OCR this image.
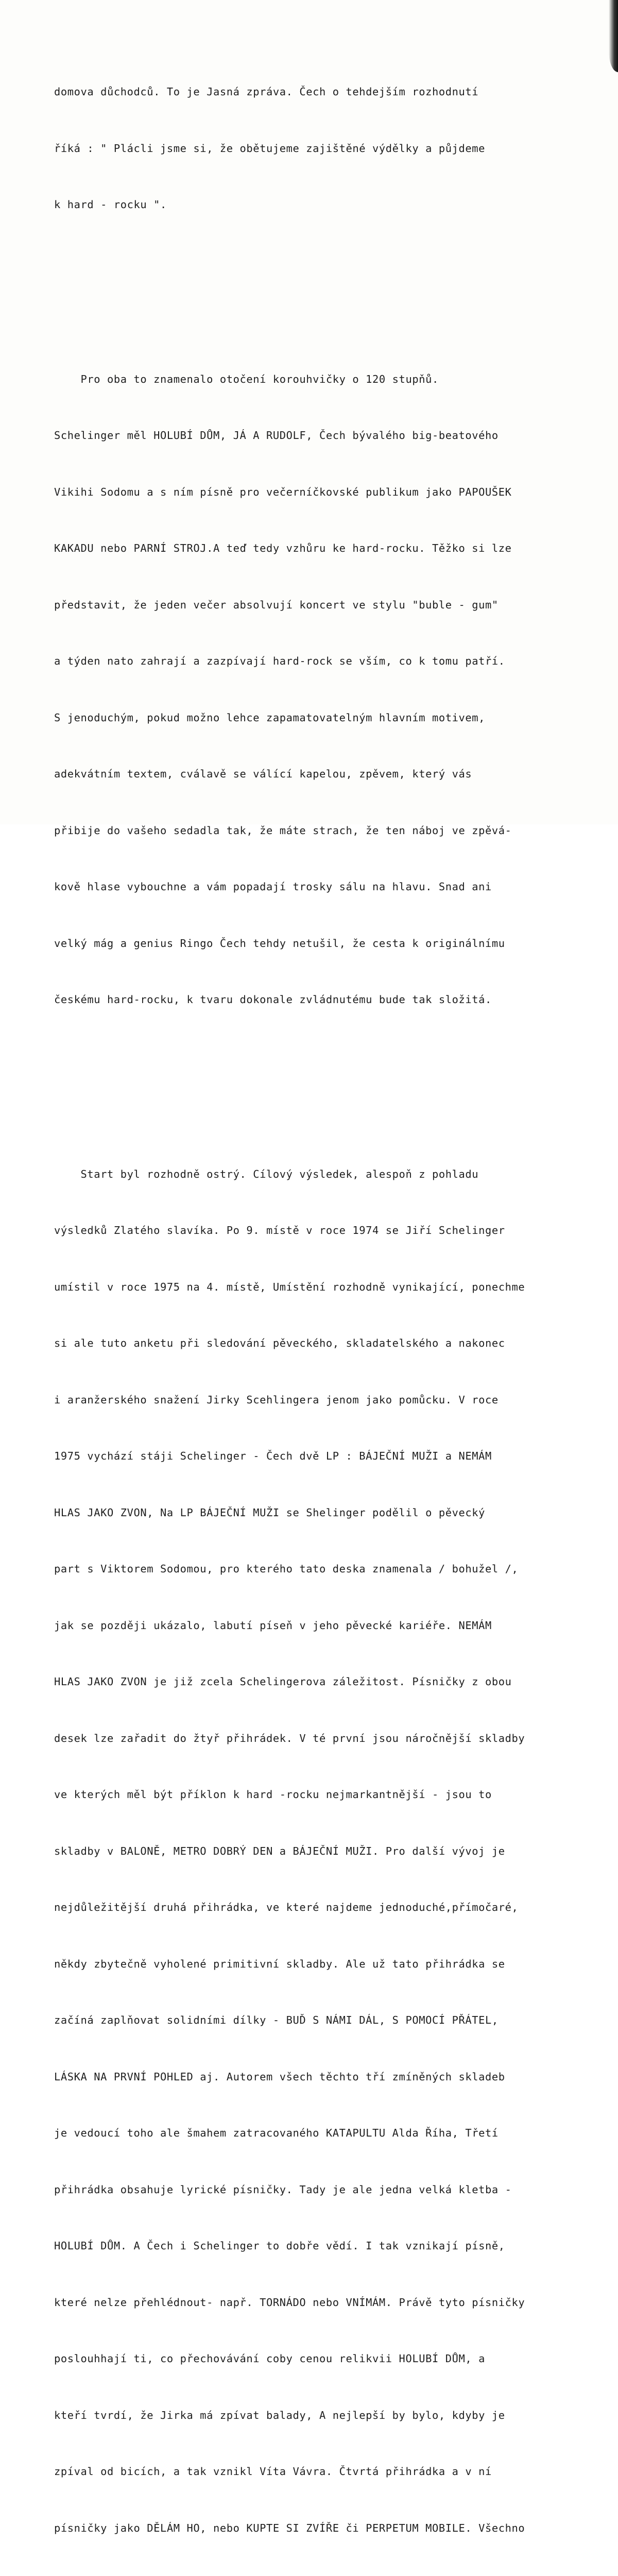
domova důchodců. To je Jasná zpráva. Čech o tehdejším rozhodnutí

říká : " Plácli jsme si, že obětujeme zajištěné výdělky a půjdeme

k hard - rocku ".

Pro oba to znamenalo otočení korouhvičky o 120 stupňů.

Schelinger měl HOLUBÍ DŮM, JÁ A RUDOLF, Čech bývalého big-beatového

Vikihi Sodomu a s ním písně pro večerníčkovské publikum jako PAPOUŠEK

KAKADU nebo PARNÍ STROJ.A teď tedy vzhůru ke hard-rocku. Těžko si lze

představit, že jeden večer absolvují koncert ve stylu "buble - gum"

a týden nato zahrají a zazpívají hard-rock se vším, co k tomu patří.

S jenoduchým, pokud možno lehce zapamatovatelným hlavním motivem,

adekvátním textem, cválavě se válící kapelou, zpěvem, který vás

přibije do vašeho sedadla tak, že máte strach, že ten náboj ve zpěvá-

kově hlase vybouchne a vám popadají trosky sálu na hlavu. Snad ani

velký mág a genius Ringo Čech tehdy netušil, že cesta k originálnímu

českému hard-rocku, k tvaru dokonale zvládnutému bude tak složitá.

Start byl rozhodně ostrý. Cílový výsledek, alespoň z pohladu

výsledků Zlatého slavíka. Po 9. místě v roce 1974 se Jiří Schelinger

umístil v roce 1975 na 4. místě, Umístění rozhodně vynikající, ponechme

si ale tuto anketu při sledování pěveckého, skladatelského a nakonec

i aranžerského snažení Jirky Scehlingera jenom jako pomůcku. V roce

1975 vychází stáji Schelinger - Čech dvě LP : BÁJEČNÍ MUŽI a NEMÁM

HLAS JAKO ZVON, Na LP BÁJEČNÍ MUŽI se Shelinger podělil o pěvecký

part s Viktorem Sodomou, pro kterého tato deska znamenala / bohužel /,

jak se později ukázalo, labutí píseň v jeho pěvecké kariéře. NEMÁM

HLAS JAKO ZVON je již zcela Schelingerova záležitost. Písničky z obou

desek lze zařadit do žtyř přihrádek. V té první jsou náročnější skladby

ve kterých měl být příklon k hard -rocku nejmarkantnější - jsou to

skladby v BALONĚ, METRO DOBRÝ DEN a BÁJEČNÍ MUŽI. Pro další vývoj je

nejdůležitější druhá přihrádka, ve které najdeme jednoduché,přímočaré,

někdy zbytečně vyholené primitivní skladby. Ale už tato přihrádka se

začíná zaplňovat solidními dílky - BUĎ S NÁMI DÁL, S POMOCÍ PŘÁTEL,

LÁSKA NA PRVNÍ POHLED aj. Autorem všech těchto tří zmíněných skladeb

je vedoucí toho ale šmahem zatracovaného KATAPULTU Alda Říha, Třetí

přihrádka obsahuje lyrické písničky. Tady je ale jedna velká kletba -

HOLUBÍ DŮM. A Čech i Schelinger to dobře vědí. I tak vznikají písně,

které nelze přehlédnout- např. TORNÁDO nebo VNÍMÁM. Právě tyto písničky

poslouhhají ti, co přechovávání coby cenou relikvii HOLUBÍ DŮM, a

kteří tvrdí, že Jirka má zpívat balady, A nejlepší by bylo, kdyby je

zpíval od bicích, a tak vznikl Víta Vávra. Čtvrtá přihrádka a v ní

písničky jako DĚLÁM HO, nebo KUPTE SI ZVÍŘE či PERPETUM MOBILE. Všechno
